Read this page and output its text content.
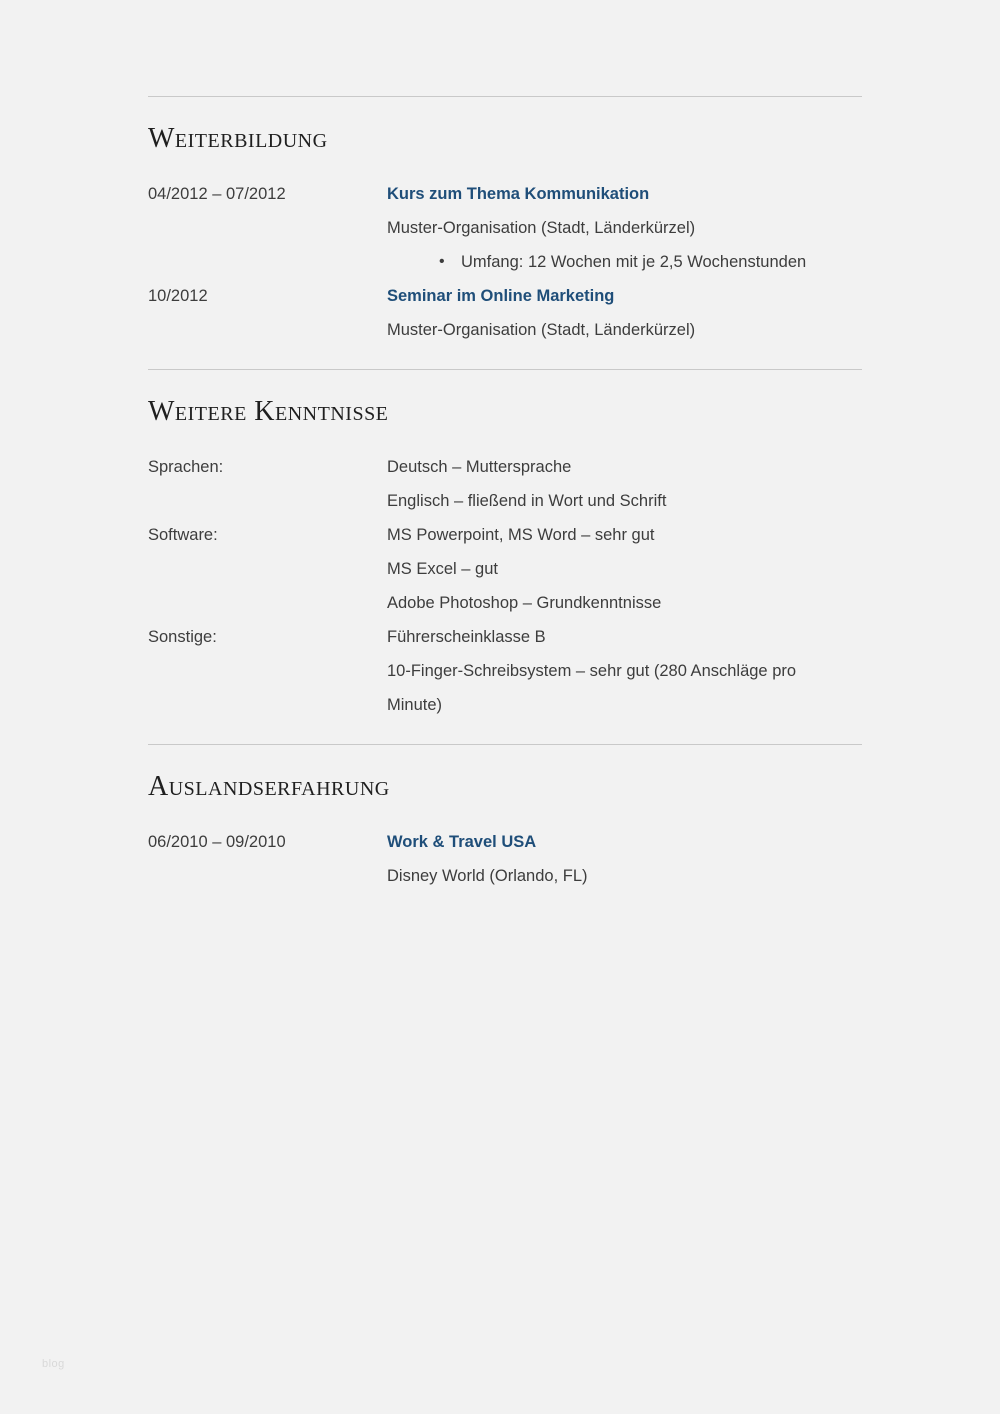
Weiterbildung
04/2012 – 07/2012	Kurs zum Thema Kommunikation
Muster-Organisation (Stadt, Länderkürzel)
• Umfang: 12 Wochen mit je 2,5 Wochenstunden
10/2012	Seminar im Online Marketing
Muster-Organisation (Stadt, Länderkürzel)
Weitere Kenntnisse
Sprachen:	Deutsch – Muttersprache
Englisch – fließend in Wort und Schrift
Software:	MS Powerpoint, MS Word – sehr gut
MS Excel – gut
Adobe Photoshop – Grundkenntnisse
Sonstige:	Führerscheinklasse B
10-Finger-Schreibsystem – sehr gut (280 Anschläge pro Minute)
Auslandserfahrung
06/2010 – 09/2010	Work & Travel USA
Disney World (Orlando, FL)
blog
